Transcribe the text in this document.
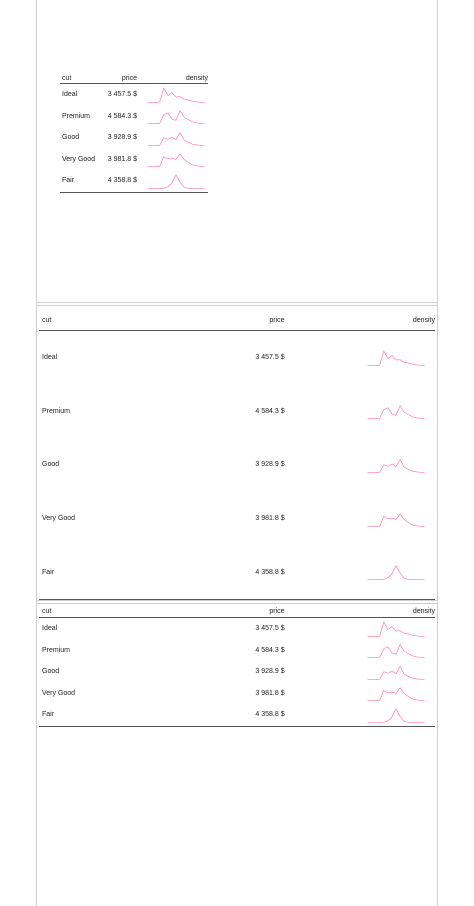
cut	price	density
Ideal	3 457.5 $	

Premium	4 584.3 $	

Good	3 928.9 $	

Very Good	3 981.8 $	

Fair	4 358.8 $	
cut	price	density
Ideal	3 457.5 $	

Premium	4 584.3 $	

Good	3 928.9 $	

Very Good	3 981.8 $	

Fair	4 358.8 $	
cut	price	density
Ideal	3 457.5 $	

Premium	4 584.3 $	

Good	3 928.9 $	

Very Good	3 981.8 $	

Fair	4 358.8 $	
